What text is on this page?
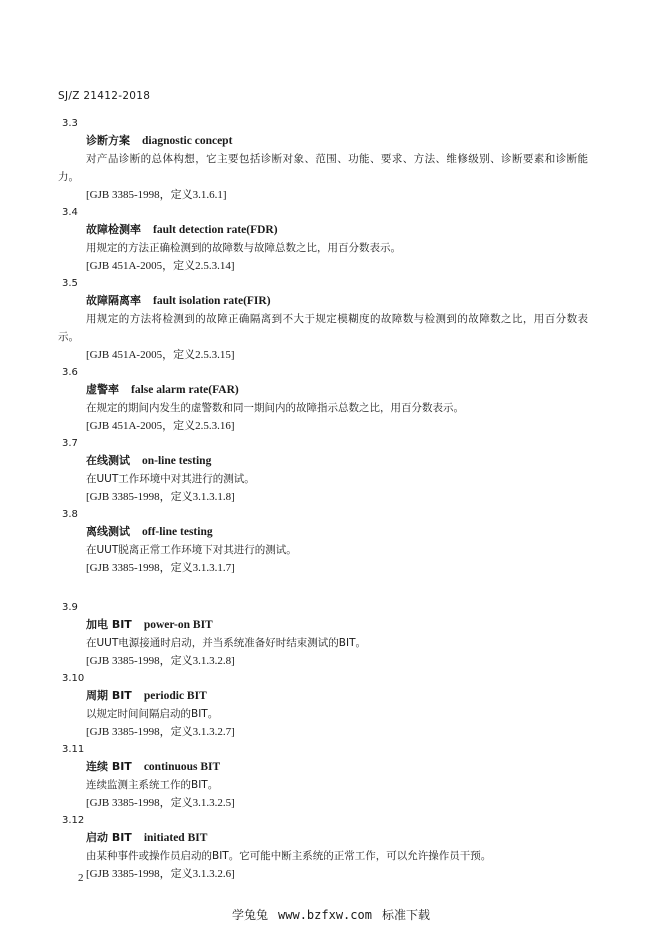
SJ/Z 21412-2018
3.3
诊断方案 diagnostic concept
对产品诊断的总体构想，它主要包括诊断对象、范围、功能、要求、方法、维修级别、诊断要素和诊断能力。
[GJB 3385-1998，定义3.1.6.1]
3.4
故障检测率 fault detection rate(FDR)
用规定的方法正确检测到的故障数与故障总数之比，用百分数表示。
[GJB 451A-2005，定义2.5.3.14]
3.5
故障隔离率 fault isolation rate(FIR)
用规定的方法将检测到的故障正确隔离到不大于规定模糊度的故障数与检测到的故障数之比，用百分数表示。
[GJB 451A-2005，定义2.5.3.15]
3.6
虚警率 false alarm rate(FAR)
在规定的期间内发生的虚警数和同一期间内的故障指示总数之比，用百分数表示。
[GJB 451A-2005，定义2.5.3.16]
3.7
在线测试 on-line testing
在UUT工作环境中对其进行的测试。
[GJB 3385-1998，定义3.1.3.1.8]
3.8
离线测试 off-line testing
在UUT脱离正常工作环境下对其进行的测试。
[GJB 3385-1998，定义3.1.3.1.7]
3.9
加电 BIT power-on BIT
在UUT电源接通时启动，并当系统准备好时结束测试的BIT。
[GJB 3385-1998，定义3.1.3.2.8]
3.10
周期 BIT periodic BIT
以规定时间间隔启动的BIT。
[GJB 3385-1998，定义3.1.3.2.7]
3.11
连续 BIT continuous BIT
连续监测主系统工作的BIT。
[GJB 3385-1998，定义3.1.3.2.5]
3.12
启动 BIT initiated BIT
由某种事件或操作员启动的BIT。它可能中断主系统的正常工作，可以允许操作员干预。
[GJB 3385-1998，定义3.1.3.2.6]
2
学兔兔 www.bzfxw.com 标准下载
